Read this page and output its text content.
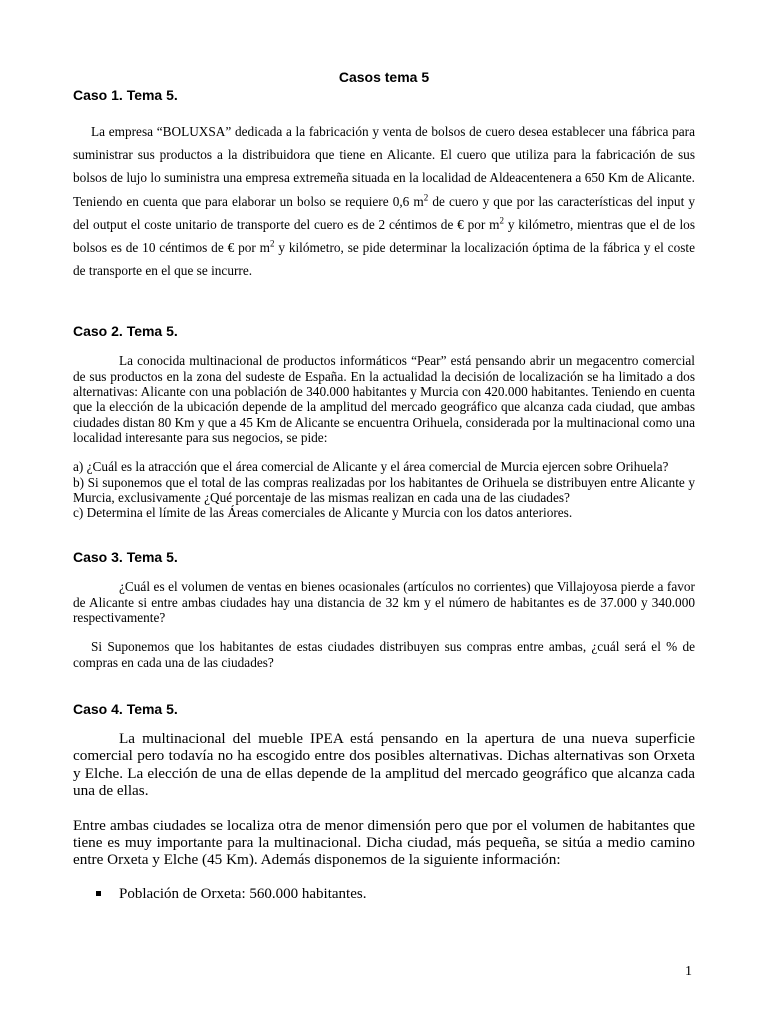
Casos tema 5
Caso 1. Tema 5.

La empresa “BOLUXSA” dedicada a la fabricación y venta de bolsos de cuero desea establecer una fábrica para suministrar sus productos a la distribuidora que tiene en Alicante. El cuero que utiliza para la fabricación de sus bolsos de lujo lo suministra una empresa extremeña situada en la localidad de Aldeacentenera a 650 Km de Alicante. Teniendo en cuenta que para elaborar un bolso se requiere 0,6 $m^2$ de cuero y que por las características del input y del output el coste unitario de transporte del cuero es de 2 céntimos de € por $m^2$ y kilómetro, mientras que el de los bolsos es de 10 céntimos de € por $m^2$ y kilómetro, se pide determinar la localización óptima de la fábrica y el coste de transporte en el que se incurre.

Caso 2. Tema 5.

La conocida multinacional de productos informáticos “Pear” está pensando abrir un megacentro comercial de sus productos en la zona del sudeste de España. En la actualidad la decisión de localización se ha limitado a dos alternativas: Alicante con una población de 340.000 habitantes y Murcia con 420.000 habitantes. Teniendo en cuenta que la elección de la ubicación depende de la amplitud del mercado geográfico que alcanza cada ciudad, que ambas ciudades distan 80 Km y que a 45 Km de Alicante se encuentra Orihuela, considerada por la multinacional como una localidad interesante para sus negocios, se pide:

a) ¿Cuál es la atracción que el área comercial de Alicante y el área comercial de Murcia ejercen sobre Orihuela?

b) Si suponemos que el total de las compras realizadas por los habitantes de Orihuela se distribuyen entre Alicante y Murcia, exclusivamente ¿Qué porcentaje de las mismas realizan en cada una de las ciudades?

c) Determina el límite de las Áreas comerciales de Alicante y Murcia con los datos anteriores.

Caso 3. Tema 5.

¿Cuál es el volumen de ventas en bienes ocasionales (artículos no corrientes) que Villajoyosa pierde a favor de Alicante si entre ambas ciudades hay una distancia de 32 km y el número de habitantes es de 37.000 y 340.000 respectivamente?

Si Suponemos que los habitantes de estas ciudades distribuyen sus compras entre ambas, ¿cuál será el % de compras en cada una de las ciudades?

Caso 4. Tema 5.

La multinacional del mueble IPEA está pensando en la apertura de una nueva superficie comercial pero todavía no ha escogido entre dos posibles alternativas. Dichas alternativas son Orxeta y Elche. La elección de una de ellas depende de la amplitud del mercado geográfico que alcanza cada una de ellas.

Entre ambas ciudades se localiza otra de menor dimensión pero que por el volumen de habitantes que tiene es muy importante para la multinacional. Dicha ciudad, más pequeña, se sitúa a medio camino entre Orxeta y Elche (45 Km). Además disponemos de la siguiente información:

Población de Orxeta: 560.000 habitantes.
1
